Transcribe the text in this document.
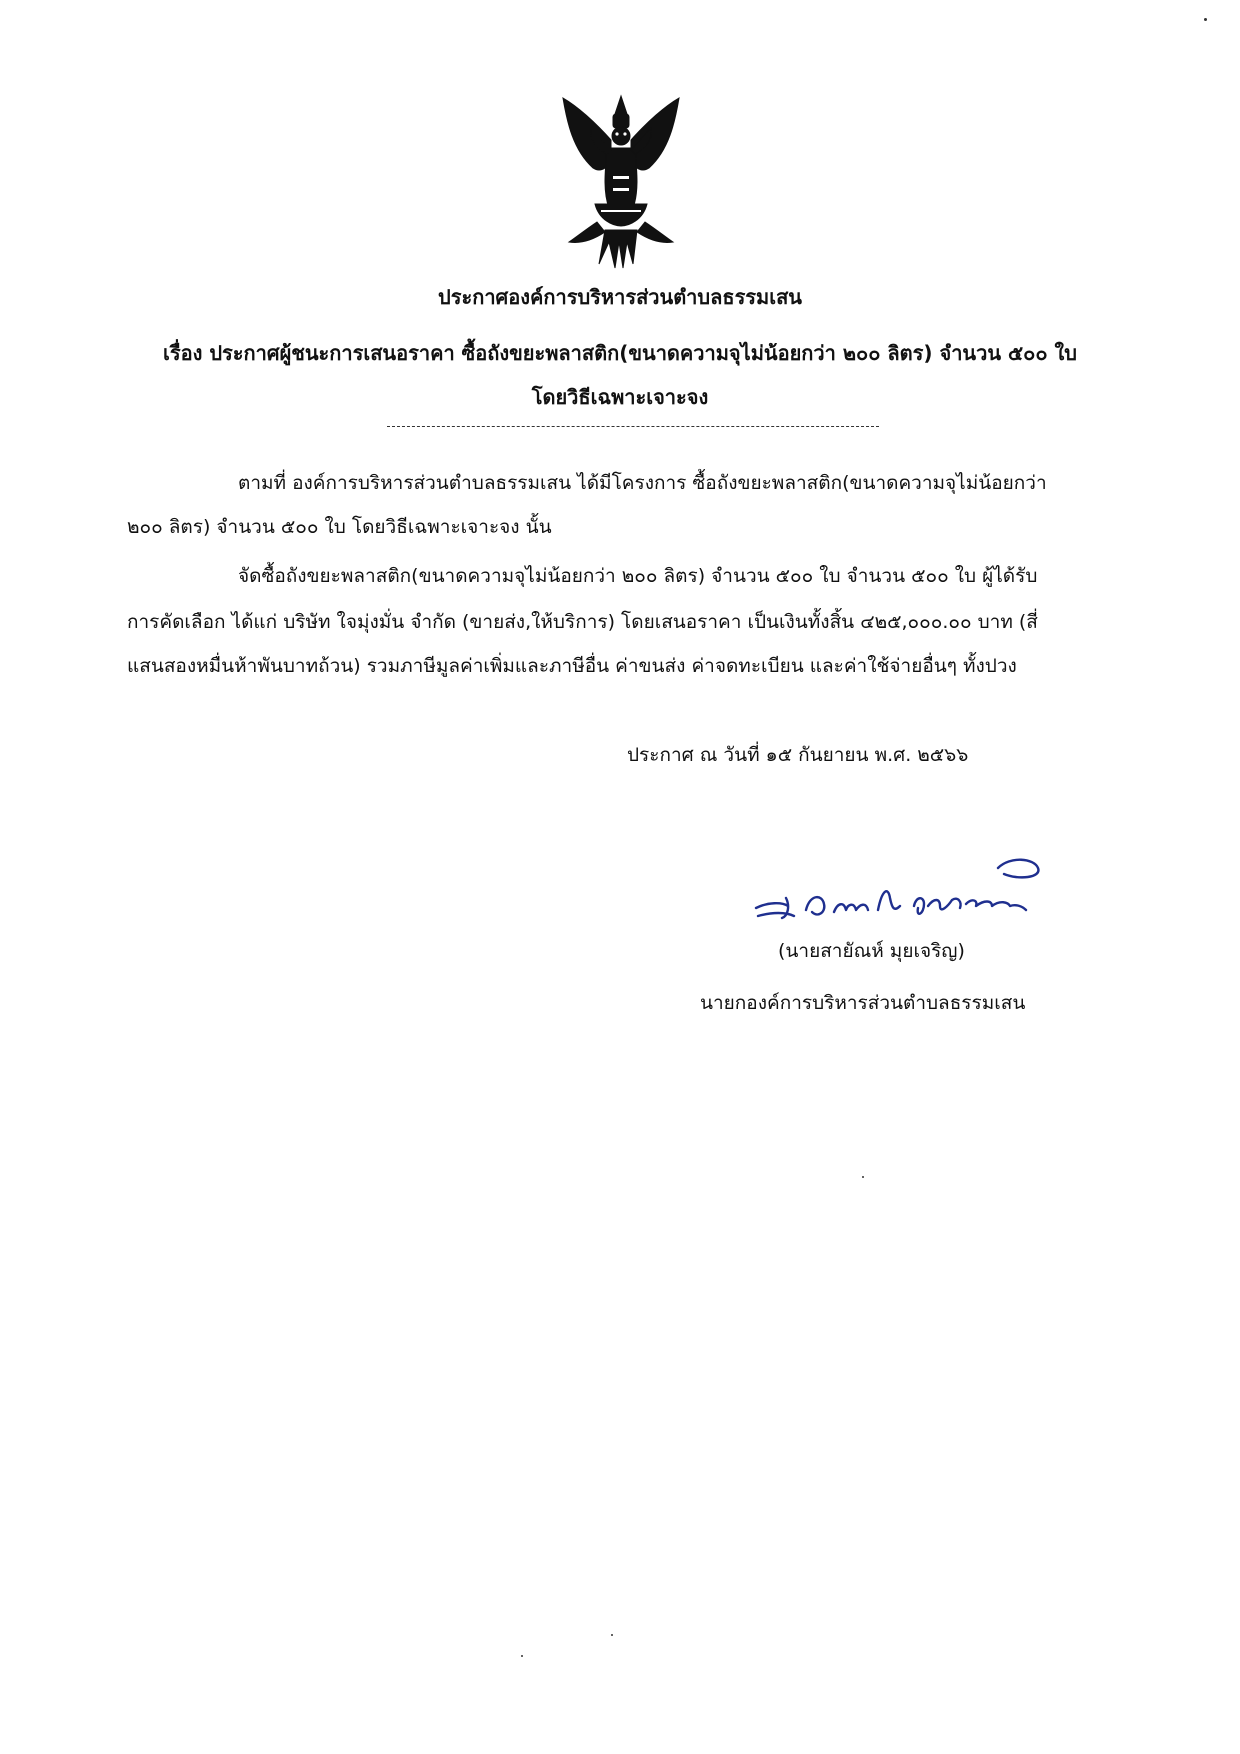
ประกาศองค์การบริหารส่วนตำบลธรรมเสน
เรื่อง ประกาศผู้ชนะการเสนอราคา ซื้อถังขยะพลาสติก(ขนาดความจุไม่น้อยกว่า ๒๐๐ ลิตร) จำนวน ๕๐๐ ใบ
โดยวิธีเฉพาะเจาะจง
ตามที่ องค์การบริหารส่วนตำบลธรรมเสน ได้มีโครงการ ซื้อถังขยะพลาสติก(ขนาดความจุไม่น้อยกว่า
๒๐๐ ลิตร) จำนวน ๕๐๐ ใบ โดยวิธีเฉพาะเจาะจง นั้น
จัดซื้อถังขยะพลาสติก(ขนาดความจุไม่น้อยกว่า ๒๐๐ ลิตร) จำนวน ๕๐๐ ใบ จำนวน ๕๐๐ ใบ ผู้ได้รับ
การคัดเลือก ได้แก่ บริษัท ใจมุ่งมั่น จำกัด (ขายส่ง,ให้บริการ) โดยเสนอราคา เป็นเงินทั้งสิ้น ๔๒๕,๐๐๐.๐๐ บาท (สี่
แสนสองหมื่นห้าพันบาทถ้วน) รวมภาษีมูลค่าเพิ่มและภาษีอื่น ค่าขนส่ง ค่าจดทะเบียน และค่าใช้จ่ายอื่นๆ ทั้งปวง
ประกาศ ณ วันที่ ๑๕ กันยายน พ.ศ. ๒๕๖๖
(นายสายัณห์ มุยเจริญ)
นายกองค์การบริหารส่วนตำบลธรรมเสน
